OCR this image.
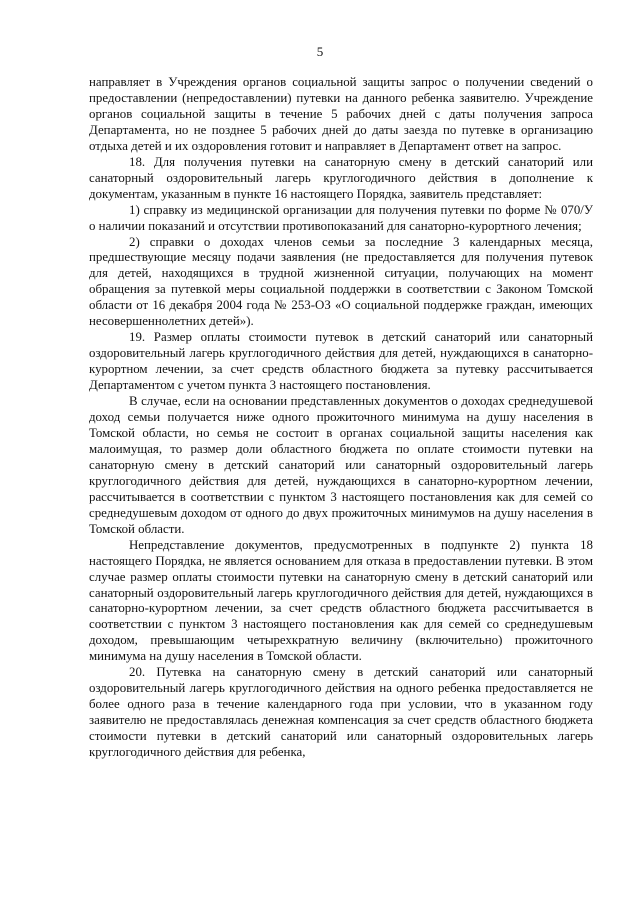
5

направляет в Учреждения органов социальной защиты запрос о получении сведений о предоставлении (непредоставлении) путевки на данного ребенка заявителю. Учреждение органов социальной защиты в течение 5 рабочих дней с даты получения запроса Департамента, но не позднее 5 рабочих дней до даты заезда по путевке в организацию отдыха детей и их оздоровления готовит и направляет в Департамент ответ на запрос.

18. Для получения путевки на санаторную смену в детский санаторий или санаторный оздоровительный лагерь круглогодичного действия в дополнение к документам, указанным в пункте 16 настоящего Порядка, заявитель представляет:

1) справку из медицинской организации для получения путевки по форме № 070/У о наличии показаний и отсутствии противопоказаний для санаторно-курортного лечения;

2) справки о доходах членов семьи за последние 3 календарных месяца, предшествующие месяцу подачи заявления (не предоставляется для получения путевок для детей, находящихся в трудной жизненной ситуации, получающих на момент обращения за путевкой меры социальной поддержки в соответствии с Законом Томской области от 16 декабря 2004 года № 253-ОЗ «О социальной поддержке граждан, имеющих несовершеннолетних детей»).

19. Размер оплаты стоимости путевок в детский санаторий или санаторный оздоровительный лагерь круглогодичного действия для детей, нуждающихся в санаторно-курортном лечении, за счет средств областного бюджета за путевку рассчитывается Департаментом с учетом пункта 3 настоящего постановления.

В случае, если на основании представленных документов о доходах среднедушевой доход семьи получается ниже одного прожиточного минимума на душу населения в Томской области, но семья не состоит в органах социальной защиты населения как малоимущая, то размер доли областного бюджета по оплате стоимости путевки на санаторную смену в детский санаторий или санаторный оздоровительный лагерь круглогодичного действия для детей, нуждающихся в санаторно-курортном лечении, рассчитывается в соответствии с пунктом 3 настоящего постановления как для семей со среднедушевым доходом от одного до двух прожиточных минимумов на душу населения в Томской области.

Непредставление документов, предусмотренных в подпункте 2) пункта 18 настоящего Порядка, не является основанием для отказа в предоставлении путевки. В этом случае размер оплаты стоимости путевки на санаторную смену в детский санаторий или санаторный оздоровительный лагерь круглогодичного действия для детей, нуждающихся в санаторно-курортном лечении, за счет средств областного бюджета рассчитывается в соответствии с пунктом 3 настоящего постановления как для семей со среднедушевым доходом, превышающим четырехкратную величину (включительно) прожиточного минимума на душу населения в Томской области.

20. Путевка на санаторную смену в детский санаторий или санаторный оздоровительный лагерь круглогодичного действия на одного ребенка предоставляется не более одного раза в течение календарного года при условии, что в указанном году заявителю не предоставлялась денежная компенсация за счет средств областного бюджета стоимости путевки в детский санаторий или санаторный оздоровительных лагерь круглогодичного действия для ребенка,
